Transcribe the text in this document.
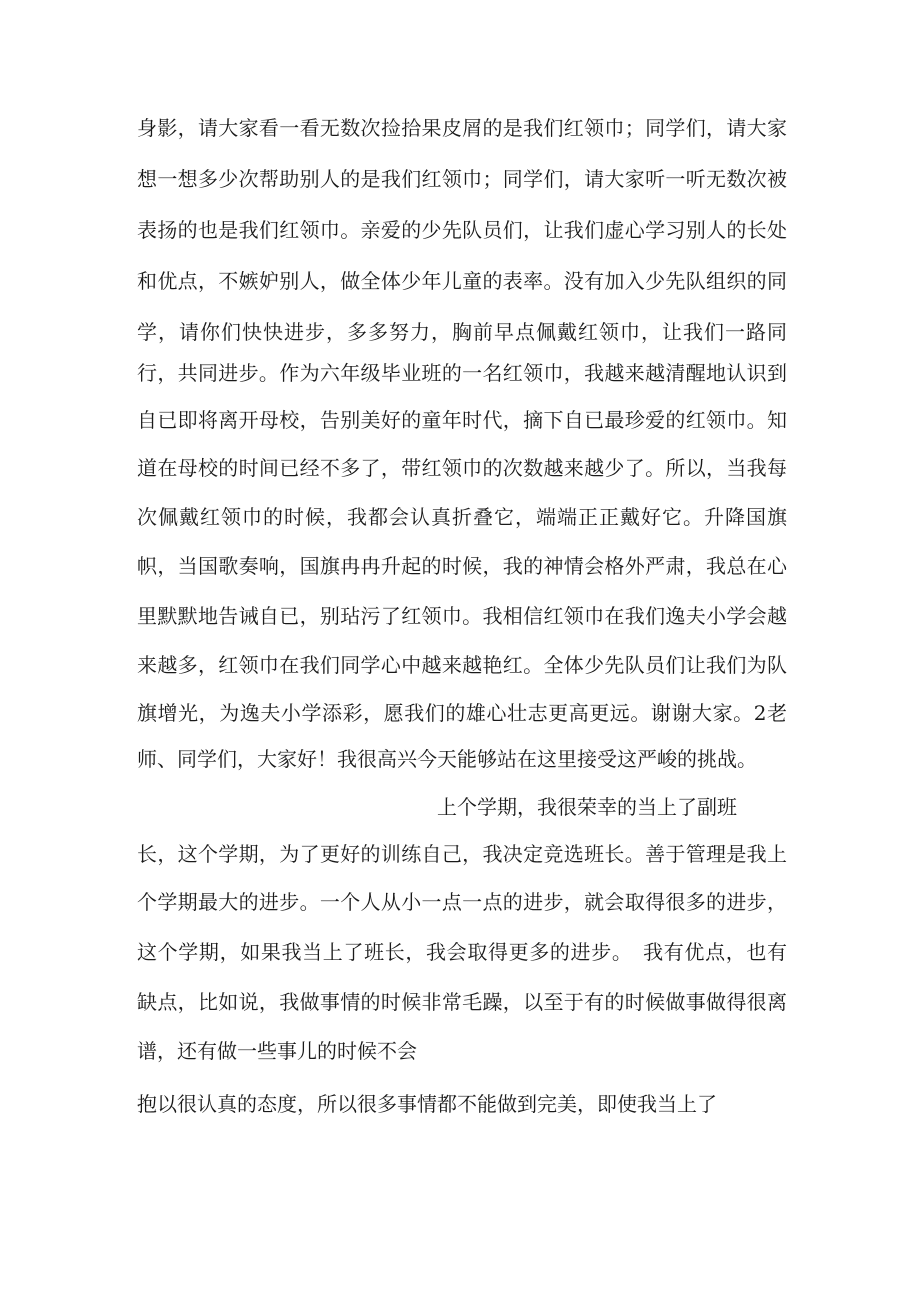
身影，请大家看一看无数次捡拾果皮屑的是我们红领巾；同学们，请大家
想一想多少次帮助别人的是我们红领巾；同学们，请大家听一听无数次被
表扬的也是我们红领巾。亲爱的少先队员们，让我们虚心学习别人的长处
和优点，不嫉妒别人，做全体少年儿童的表率。没有加入少先队组织的同
学，请你们快快进步，多多努力，胸前早点佩戴红领巾，让我们一路同
行，共同进步。作为六年级毕业班的一名红领巾，我越来越清醒地认识到
自已即将离开母校，告别美好的童年时代，摘下自已最珍爱的红领巾。知
道在母校的时间已经不多了，带红领巾的次数越来越少了。所以，当我每
次佩戴红领巾的时候，我都会认真折叠它，端端正正戴好它。升降国旗
帜，当国歌奏响，国旗冉冉升起的时候，我的神情会格外严肃，我总在心
里默默地告诫自已，别玷污了红领巾。我相信红领巾在我们逸夫小学会越
来越多，红领巾在我们同学心中越来越艳红。全体少先队员们让我们为队
旗增光，为逸夫小学添彩，愿我们的雄心壮志更高更远。谢谢大家。2老
师、同学们，大家好！我很高兴今天能够站在这里接受这严峻的挑战。
上个学期，我很荣幸的当上了副班
长，这个学期，为了更好的训练自己，我决定竞选班长。善于管理是我上
个学期最大的进步。一个人从小一点一点的进步，就会取得很多的进步，
这个学期，如果我当上了班长，我会取得更多的进步。　我有优点，也有
缺点，比如说，我做事情的时候非常毛躁，以至于有的时候做事做得很离
谱，还有做一些事儿的时候不会
抱以很认真的态度，所以很多事情都不能做到完美，即使我当上了
